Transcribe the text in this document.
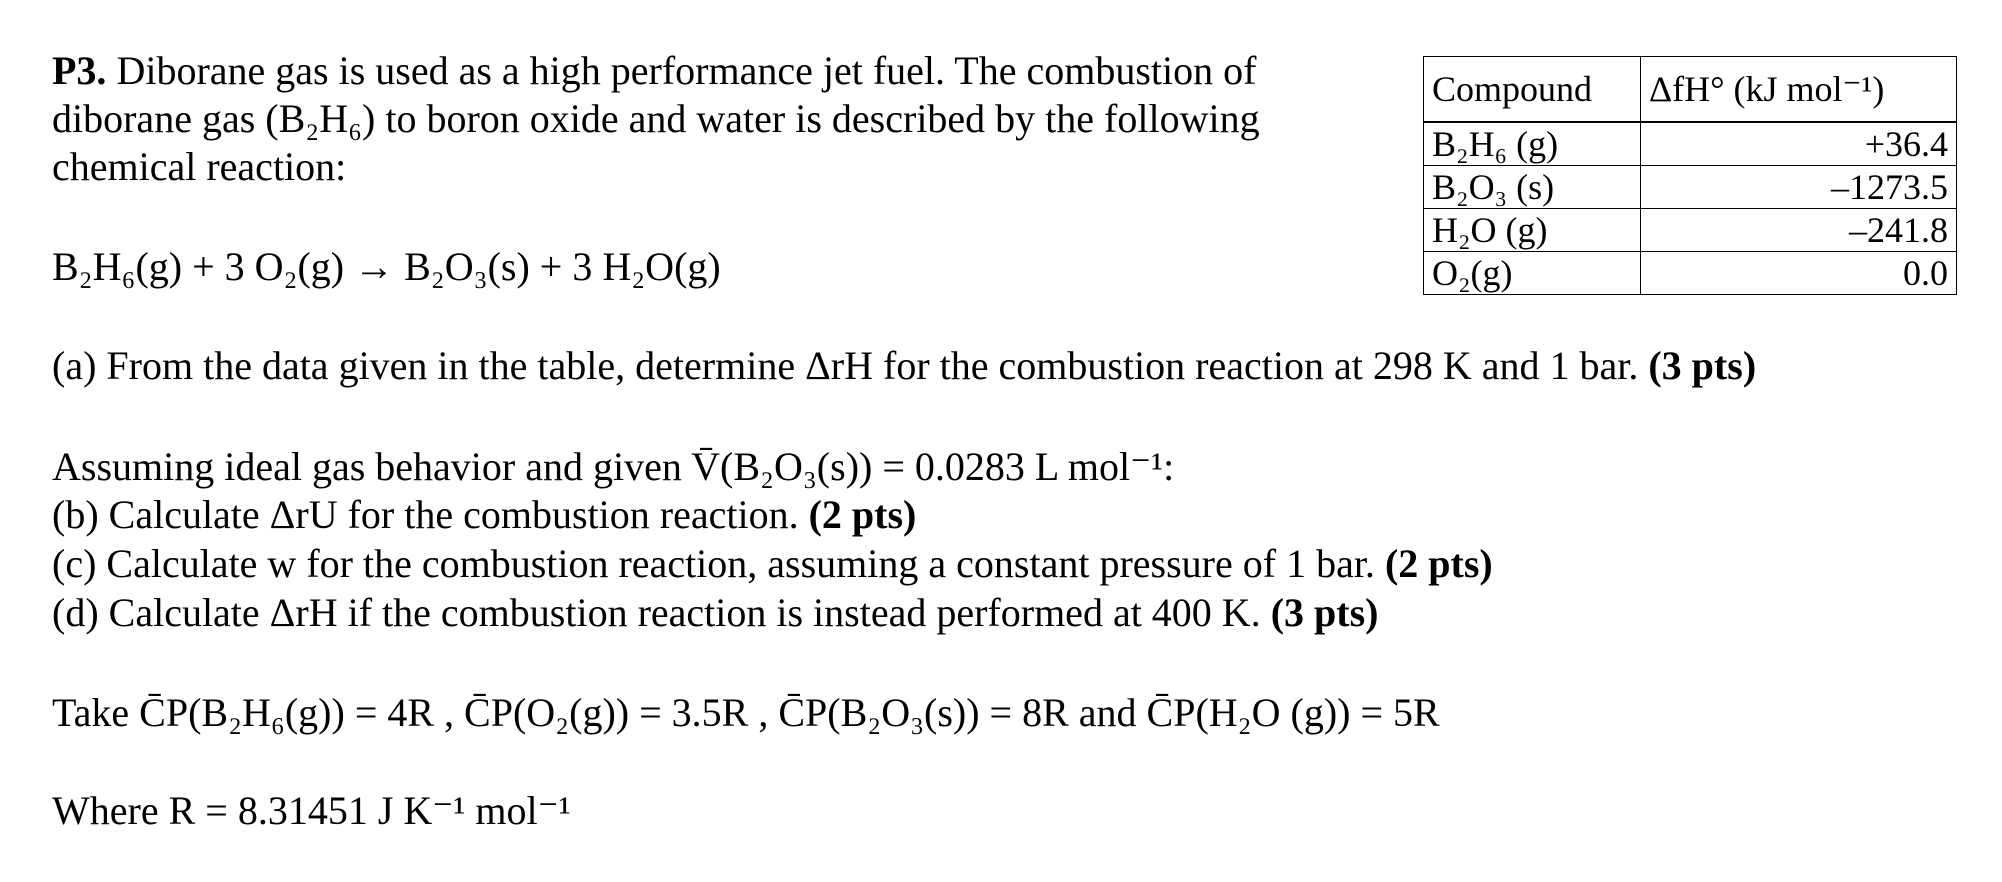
P3. Diborane gas is used as a high performance jet fuel. The combustion of
diborane gas (B₂H₆) to boron oxide and water is described by the following
chemical reaction:
B₂H₆(g) + 3 O₂(g) → B₂O₃(s) + 3 H₂O(g)
Compound	ΔfH° (kJ mol⁻¹)
B₂H₆ (g)	+36.4
B₂O₃ (s)	–1273.5
H₂O (g)	–241.8
O₂(g)	0.0
(a) From the data given in the table, determine ΔrH for the combustion reaction at 298 K and 1 bar. (3 pts)
Assuming ideal gas behavior and given V̄(B₂O₃(s)) = 0.0283 L mol⁻¹:
(b) Calculate ΔrU for the combustion reaction. (2 pts)
(c) Calculate w for the combustion reaction, assuming a constant pressure of 1 bar. (2 pts)
(d) Calculate ΔrH if the combustion reaction is instead performed at 400 K. (3 pts)
Take C̄P(B₂H₆(g)) = 4R , C̄P(O₂(g)) = 3.5R , C̄P(B₂O₃(s)) = 8R and C̄P(H₂O (g)) = 5R
Where R = 8.31451 J K⁻¹ mol⁻¹
